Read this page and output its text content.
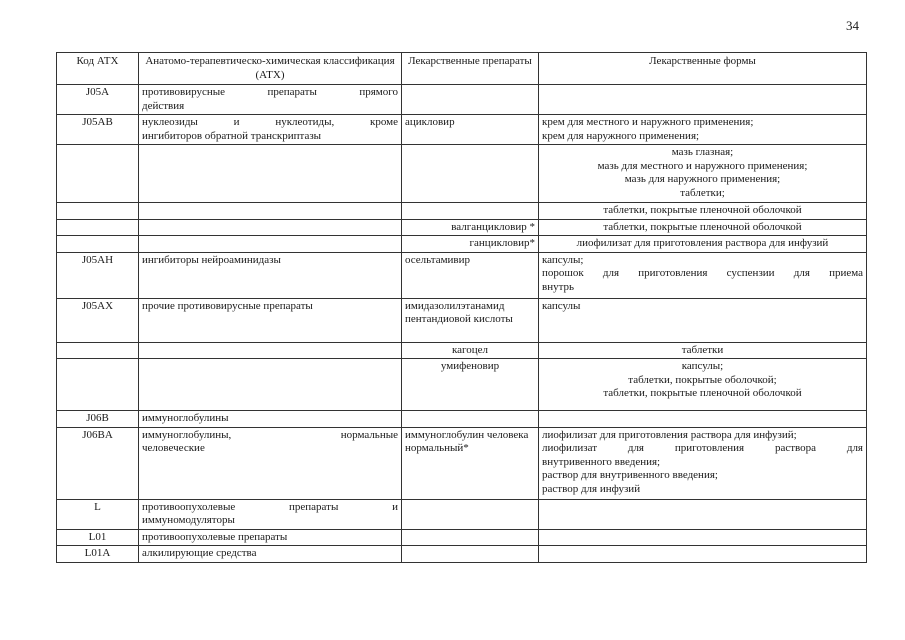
34
Код АТХ	Анатомо-терапевтическо-химическая классификация (АТХ)	Лекарственные препараты	Лекарственные формы
J05A	противовирусные препараты прямого
действия		

J05AB	нуклеозиды и нуклеотиды, кроме
ингибиторов обратной транскриптазы	ацикловир	крем для местного и наружного применения;
крем для наружного применения;

			мазь глазная;
мазь для местного и наружного применения;
мазь для наружного применения;
таблетки;

			таблетки, покрытые пленочной оболочкой

		валганцикловир *	таблетки, покрытые пленочной оболочкой

		ганцикловир*	лиофилизат для приготовления раствора для инфузий

J05AH	ингибиторы нейроаминидазы	осельтамивир	капсулы;
порошок для приготовления суспензии для приема
внутрь

J05AX	прочие противовирусные препараты	имидазолилэтанамид пентандиовой кислоты	капсулы

		кагоцел	таблетки

		умифеновир	капсулы;
таблетки, покрытые оболочкой;
таблетки, покрытые пленочной оболочкой

J06B	иммуноглобулины		

J06BA	иммуноглобулины, нормальные
человеческие	иммуноглобулин человека нормальный*	лиофилизат для приготовления раствора для инфузий;
лиофилизат для приготовления раствора для
внутривенного введения;
раствор для внутривенного введения;
раствор для инфузий

L	противоопухолевые препараты и
иммуномодуляторы		

L01	противоопухолевые препараты		

L01A	алкилирующие средства		
